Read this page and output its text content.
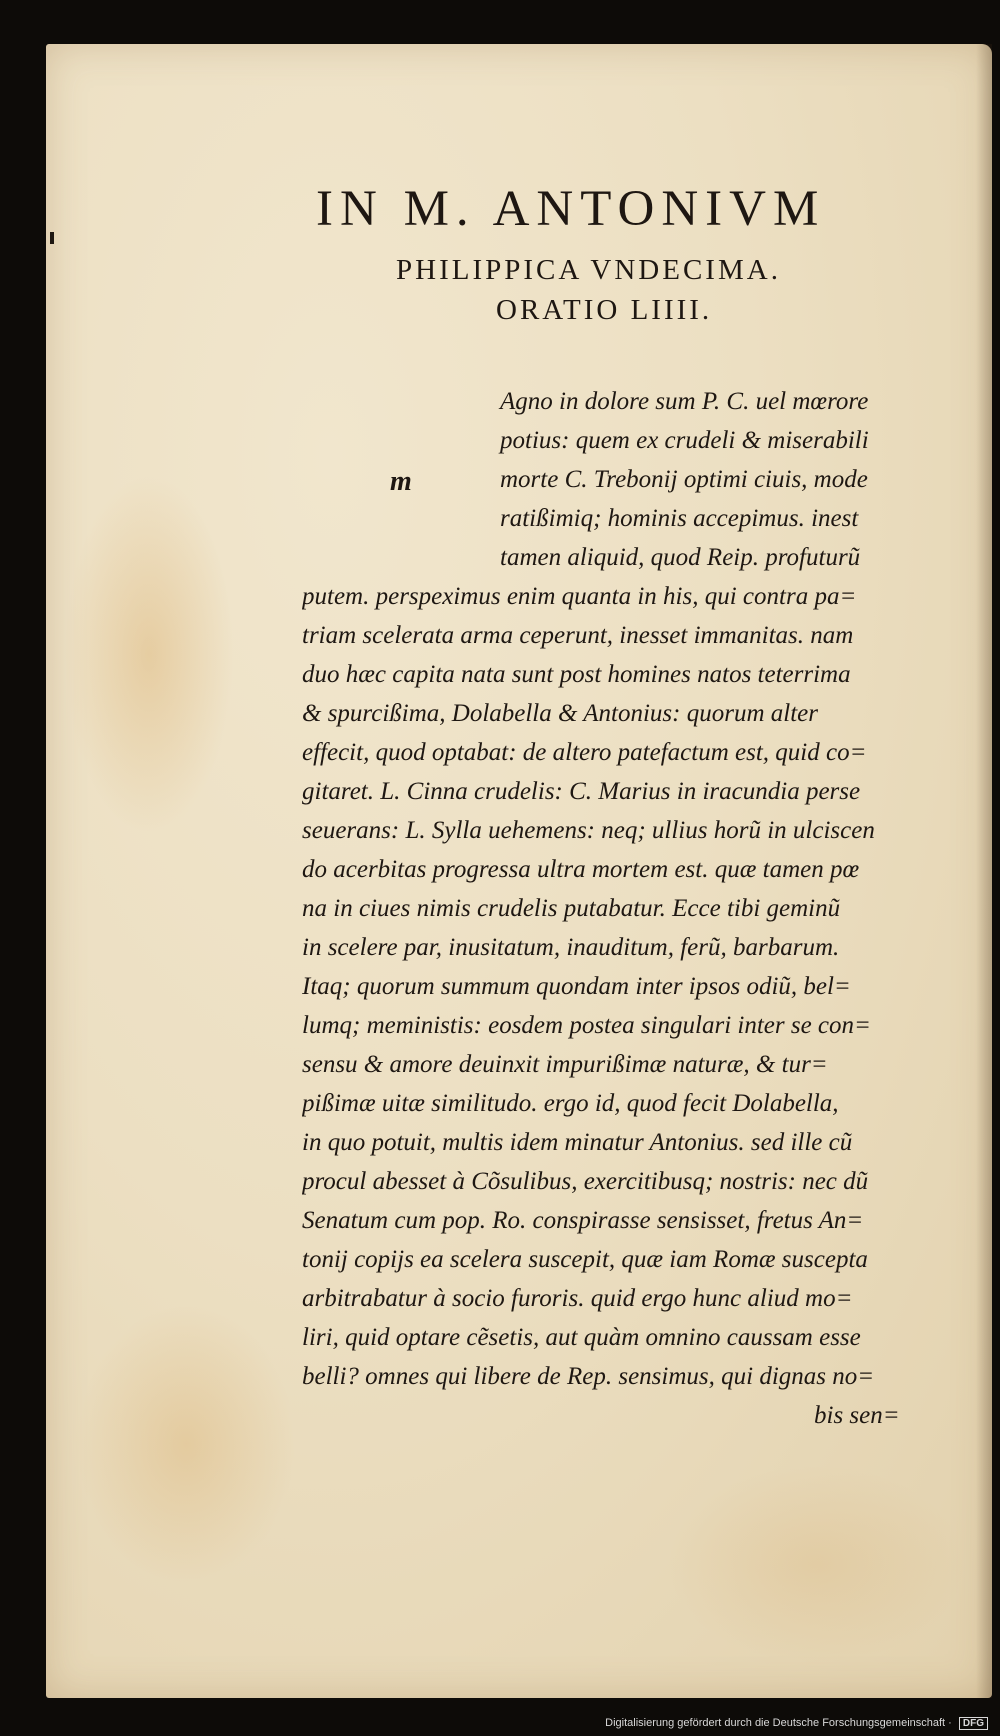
IN M. ANTONIVM
PHILIPPICA VNDECIMA.
ORATIO LIIII.
m
Agno in dolore sum P. C. uel mœrore
potius: quem ex crudeli & miserabili
morte C. Trebonij optimi ciuis, mode
ratißimiq; hominis accepimus. inest
tamen aliquid, quod Reip. profuturũ
putem. perspeximus enim quanta in his, qui contra pa=
triam scelerata arma ceperunt, inesset immanitas. nam
duo hæc capita nata sunt post homines natos teterrima
& spurcißima, Dolabella & Antonius: quorum alter
effecit, quod optabat: de altero patefactum est, quid co=
gitaret. L. Cinna crudelis: C. Marius in iracundia perse
seuerans: L. Sylla uehemens: neq; ullius horũ in ulciscen
do acerbitas progressa ultra mortem est. quæ tamen pœ
na in ciues nimis crudelis putabatur. Ecce tibi geminũ
in scelere par, inusitatum, inauditum, ferũ, barbarum.
Itaq; quorum summum quondam inter ipsos odiũ, bel=
lumq; meministis: eosdem postea singulari inter se con=
sensu & amore deuinxit impurißimæ naturæ, & tur=
pißimæ uitæ similitudo. ergo id, quod fecit Dolabella,
in quo potuit, multis idem minatur Antonius. sed ille cũ
procul abesset à Cõsulibus, exercitibusq; nostris: nec dũ
Senatum cum pop. Ro. conspirasse sensisset, fretus An=
tonij copijs ea scelera suscepit, quæ iam Romæ suscepta
arbitrabatur à socio furoris. quid ergo hunc aliud mo=
liri, quid optare cẽsetis, aut quàm omnino caussam esse
belli? omnes qui libere de Rep. sensimus, qui dignas no=
bis sen=
Digitalisierung gefördert durch die Deutsche Forschungsgemeinschaft · DFG
